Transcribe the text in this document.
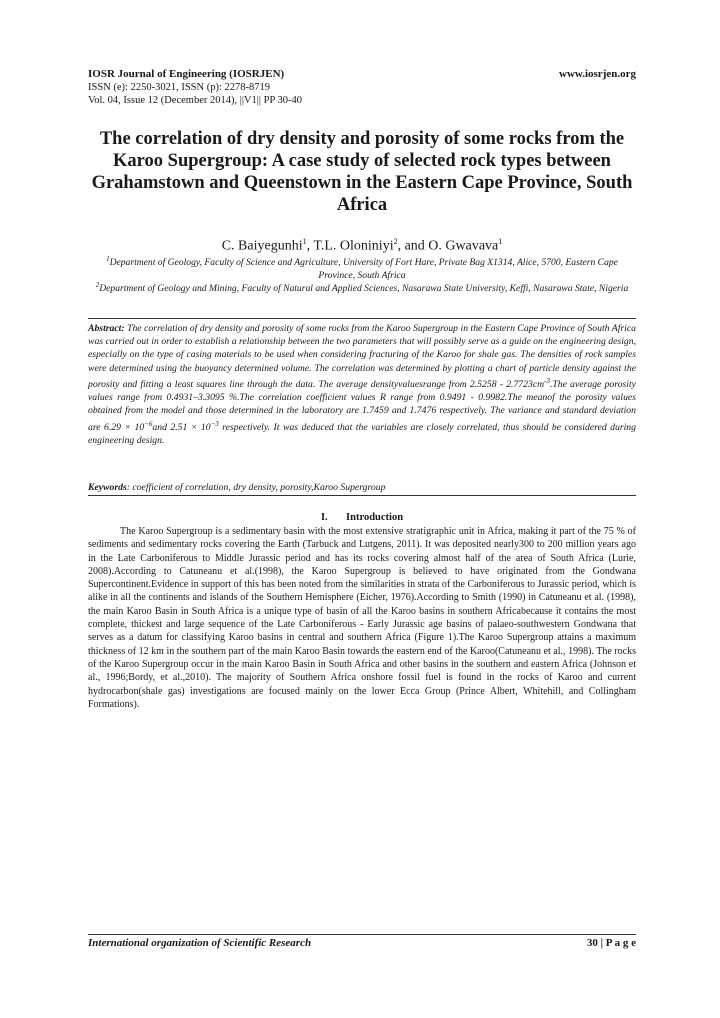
IOSR Journal of Engineering (IOSRJEN)	www.iosrjen.org
ISSN (e): 2250-3021, ISSN (p): 2278-8719
Vol. 04, Issue 12 (December 2014), ||V1|| PP 30-40
The correlation of dry density and porosity of some rocks from the Karoo Supergroup: A case study of selected rock types between Grahamstown and Queenstown in the Eastern Cape Province, South Africa
C. Baiyegunhi$^1$, T.L. Oloniniyi$^2$, and O. Gwavava$^1$
$^1$Department of Geology, Faculty of Science and Agriculture, University of Fort Hare, Private Bag X1314, Alice, 5700, Eastern Cape Province, South Africa
$^2$Department of Geology and Mining, Faculty of Natural and Applied Sciences, Nasarawa State University, Keffi, Nasarawa State, Nigeria
Abstract: The correlation of dry density and porosity of some rocks from the Karoo Supergroup in the Eastern Cape Province of South Africa was carried out in order to establish a relationship between the two parameters that will possibly serve as a guide on the engineering design, especially on the type of casing materials to be used when considering fracturing of the Karoo for shale gas. The densities of rock samples were determined using the buoyancy determined volume. The correlation was determined by plotting a chart of particle density against the porosity and fitting a least squares line through the data. The average densityvaluesrange from $2.5258 - 2.7723cm^{-3}.The$ average porosity values range from 0.4931–3.3095 %.The correlation coefficient values R range from 0.9491 - 0.9982.The meanof the porosity values obtained from the model and those determined in the laboratory are 1.7459 and 1.7476 respectively. The variance and standard deviation are $6.29 \times 10^{-6}and$ $2.51 \times 10^{-3}$ respectively. It was deduced that the variables are closely correlated, thus should be considered during engineering design.
Keywords: coefficient of correlation, dry density, porosity,Karoo Supergroup
I. Introduction
The Karoo Supergroup is a sedimentary basin with the most extensive stratigraphic unit in Africa, making it part of the 75 % of sediments and sedimentary rocks covering the Earth (Tarbuck and Lutgens, 2011). It was deposited nearly300 to 200 million years ago in the Late Carboniferous to Middle Jurassic period and has its rocks covering almost half of the area of South Africa (Lurie, 2008).According to Catuneanu et al.(1998), the Karoo Supergroup is believed to have originated from the Gondwana Supercontinent.Evidence in support of this has been noted from the similarities in strata of the Carboniferous to Jurassic period, which is alike in all the continents and islands of the Southern Hemisphere (Eicher, 1976).According to Smith (1990) in Catuneanu et al. (1998), the main Karoo Basin in South Africa is a unique type of basin of all the Karoo basins in southern Africabecause it contains the most complete, thickest and large sequence of the Late Carboniferous - Early Jurassic age basins of palaeo-southwestern Gondwana that serves as a datum for classifying Karoo basins in central and southern Africa (Figure 1).The Karoo Supergroup attains a maximum thickness of 12 km in the southern part of the main Karoo Basin towards the eastern end of the Karoo(Catuneanu et al., 1998). The rocks of the Karoo Supergroup occur in the main Karoo Basin in South Africa and other basins in the southern and eastern Africa (Johnson et al., 1996;Bordy, et al.,2010). The majority of Southern Africa onshore fossil fuel is found in the rocks of Karoo and current hydrocarbon(shale gas) investigations are focused mainly on the lower Ecca Group (Prince Albert, Whitehill, and Collingham Formations).
International organization of Scientific Research	30 | P a g e
